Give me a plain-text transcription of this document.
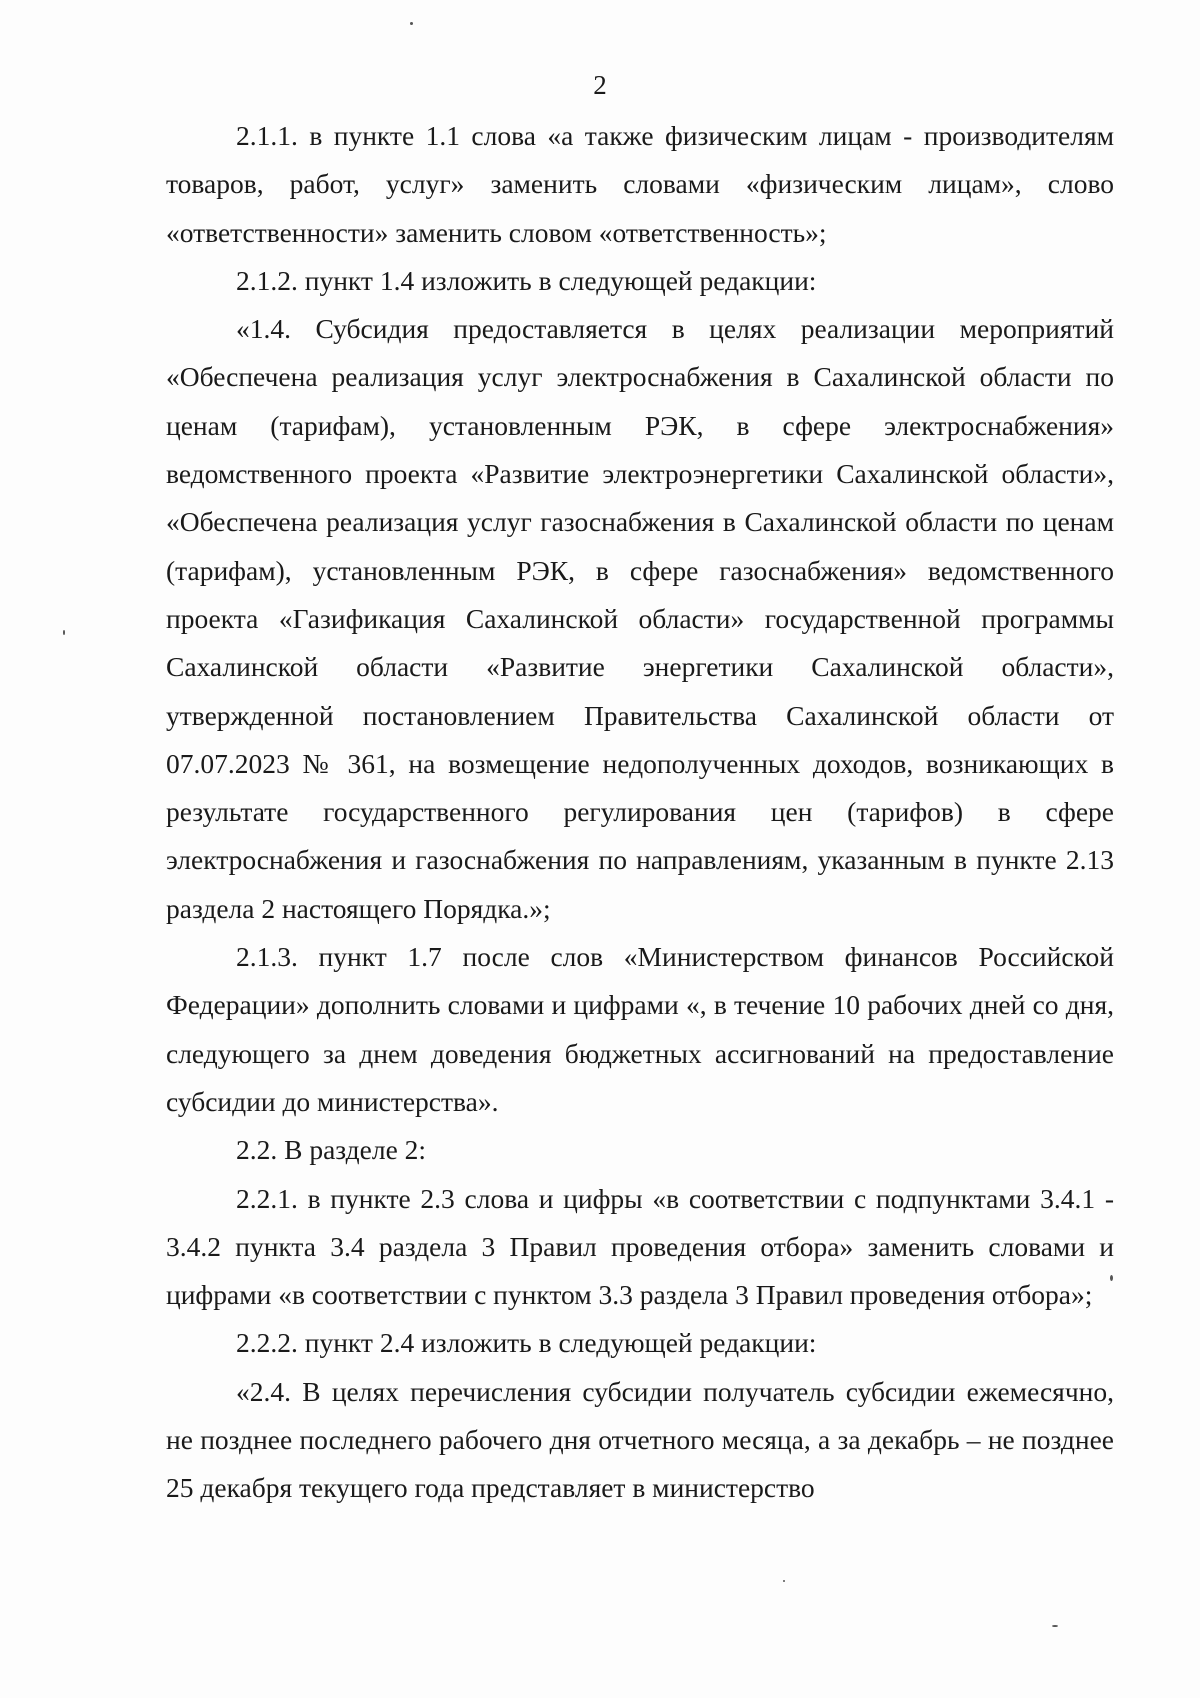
2

2.1.1. в пункте 1.1 слова «а также физическим лицам - производителям товаров, работ, услуг» заменить словами «физическим лицам», слово «ответственности» заменить словом «ответственность»;

2.1.2. пункт 1.4 изложить в следующей редакции:

«1.4. Субсидия предоставляется в целях реализации мероприятий «Обеспечена реализация услуг электроснабжения в Сахалинской области по ценам (тарифам), установленным РЭК, в сфере электроснабжения» ведомственного проекта «Развитие электроэнергетики Сахалинской области», «Обеспечена реализация услуг газоснабжения в Сахалинской области по ценам (тарифам), установленным РЭК, в сфере газоснабжения» ведомственного проекта «Газификация Сахалинской области» государственной программы Сахалинской области «Развитие энергетики Сахалинской области», утвержденной постановлением Правительства Сахалинской области от 07.07.2023 № 361, на возмещение недополученных доходов, возникающих в результате государственного регулирования цен (тарифов) в сфере электроснабжения и газоснабжения по направлениям, указанным в пункте 2.13 раздела 2 настоящего Порядка.»;

2.1.3. пункт 1.7 после слов «Министерством финансов Российской Федерации» дополнить словами и цифрами «, в течение 10 рабочих дней со дня, следующего за днем доведения бюджетных ассигнований на предоставление субсидии до министерства».

2.2. В разделе 2:

2.2.1. в пункте 2.3 слова и цифры «в соответствии с подпунктами 3.4.1 - 3.4.2 пункта 3.4 раздела 3 Правил проведения отбора» заменить словами и цифрами «в соответствии с пунктом 3.3 раздела 3 Правил проведения отбора»;

2.2.2. пункт 2.4 изложить в следующей редакции:

«2.4. В целях перечисления субсидии получатель субсидии ежемесячно, не позднее последнего рабочего дня отчетного месяца, а за декабрь – не позднее 25 декабря текущего года представляет в министерство
